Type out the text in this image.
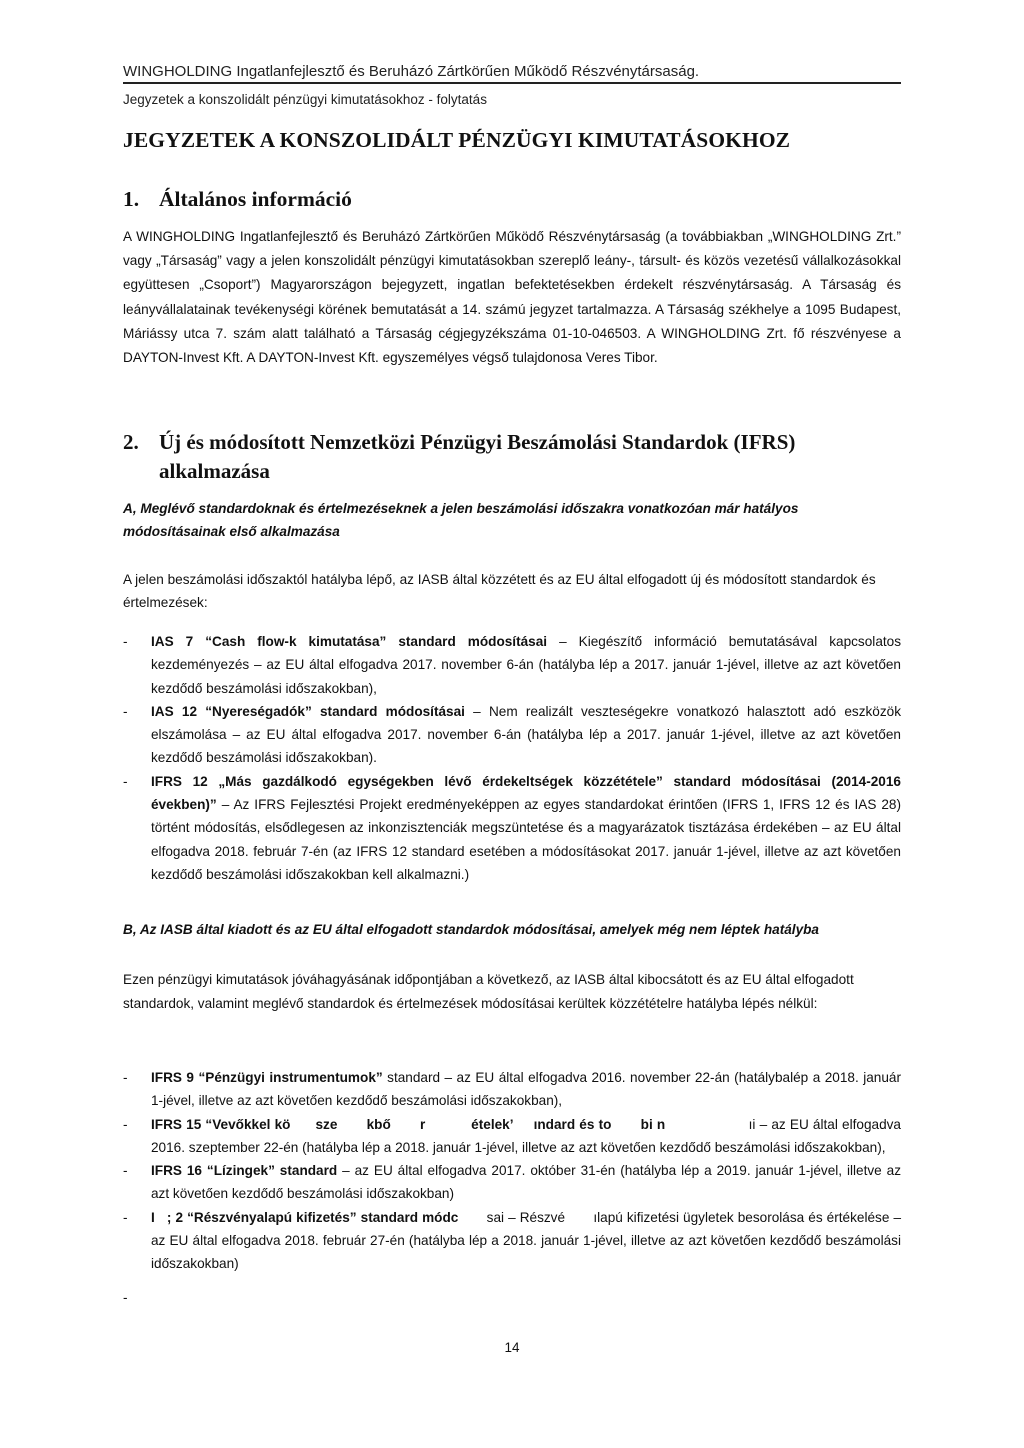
WINGHOLDING Ingatlanfejlesztő és Beruházó Zártkörűen Működő Részvénytársaság.
Jegyzetek a konszolidált pénzügyi kimutatásokhoz - folytatás
JEGYZETEK A KONSZOLIDÁLT PÉNZÜGYI KIMUTATÁSOKHOZ
1. Általános információ
A WINGHOLDING Ingatlanfejlesztő és Beruházó Zártkörűen Működő Részvénytársaság (a továbbiakban „WINGHOLDING Zrt.” vagy „Társaság” vagy a jelen konszolidált pénzügyi kimutatásokban szereplő leány-, társult- és közös vezetésű vállalkozásokkal együttesen „Csoport”) Magyarországon bejegyzett, ingatlan befektetésekben érdekelt részvénytársaság. A Társaság és leányvállalatainak tevékenységi körének bemutatását a 14. számú jegyzet tartalmazza. A Társaság székhelye a 1095 Budapest, Máriássy utca 7. szám alatt található a Társaság cégjegyzékszáma 01-10-046503. A WINGHOLDING Zrt. fő részvényese a DAYTON-Invest Kft. A DAYTON-Invest Kft. egyszemélyes végső tulajdonosa Veres Tibor.
2. Új és módosított Nemzetközi Pénzügyi Beszámolási Standardok (IFRS) alkalmazása
A, Meglévő standardoknak és értelmezéseknek a jelen beszámolási időszakra vonatkozóan már hatályos módosításainak első alkalmazása
A jelen beszámolási időszaktól hatályba lépő, az IASB által közzétett és az EU által elfogadott új és módosított standardok és értelmezések:
- IAS 7 “Cash flow-k kimutatása” standard módosításai – Kiegészítő információ bemutatásával kapcsolatos kezdeményezés – az EU által elfogadva 2017. november 6-án (hatályba lép a 2017. január 1-jével, illetve az azt követően kezdődő beszámolási időszakokban),
- IAS 12 “Nyereségadók” standard módosításai – Nem realizált veszteségekre vonatkozó halasztott adó eszközök elszámolása – az EU által elfogadva 2017. november 6-án (hatályba lép a 2017. január 1-jével, illetve az azt követően kezdődő beszámolási időszakokban).
- IFRS 12 „Más gazdálkodó egységekben lévő érdekeltségek közzététele” standard módosításai (2014-2016 években)” – Az IFRS Fejlesztési Projekt eredményeképpen az egyes standardokat érintően (IFRS 1, IFRS 12 és IAS 28) történt módosítás, elsődlegesen az inkonzisztenciák megszüntetése és a magyarázatok tisztázása érdekében – az EU által elfogadva 2018. február 7-én (az IFRS 12 standard esetében a módosításokat 2017. január 1-jével, illetve az azt követően kezdődő beszámolási időszakokban kell alkalmazni.)
B, Az IASB által kiadott és az EU által elfogadott standardok módosításai, amelyek még nem léptek hatályba
Ezen pénzügyi kimutatások jóváhagyásának időpontjában a következő, az IASB által kibocsátott és az EU által elfogadott standardok, valamint meglévő standardok és értelmezések módosításai kerültek közzétételre hatályba lépés nélkül:
- IFRS 9 “Pénzügyi instrumentumok” standard – az EU által elfogadva 2016. november 22-án (hatálybalép a 2018. január 1-jével, illetve az azt követően kezdődő beszámolási időszakokban),
- IFRS 15 “Vevőkkel kö      sze       kbő       r           ételek’     ındard és to       bi n                    ıi – az EU által elfogadva 2016. szeptember 22-én (hatályba lép a 2018. január 1-jével, illetve az azt követően kezdődő beszámolási időszakokban),
- IFRS 16 “Lízingek” standard – az EU által elfogadva 2017. október 31-én (hatályba lép a 2019. január 1-jével, illetve az azt követően kezdődő beszámolási időszakokban)
- I   ; 2 “Részvényalapú kifizetés” standard módc       sai – Részvé       ılapú kifizetési ügyletek besorolása és értékelése – az EU által elfogadva 2018. február 27-én (hatályba lép a 2018. január 1-jével, illetve az azt követően kezdődő beszámolási időszakokban)
-
14
